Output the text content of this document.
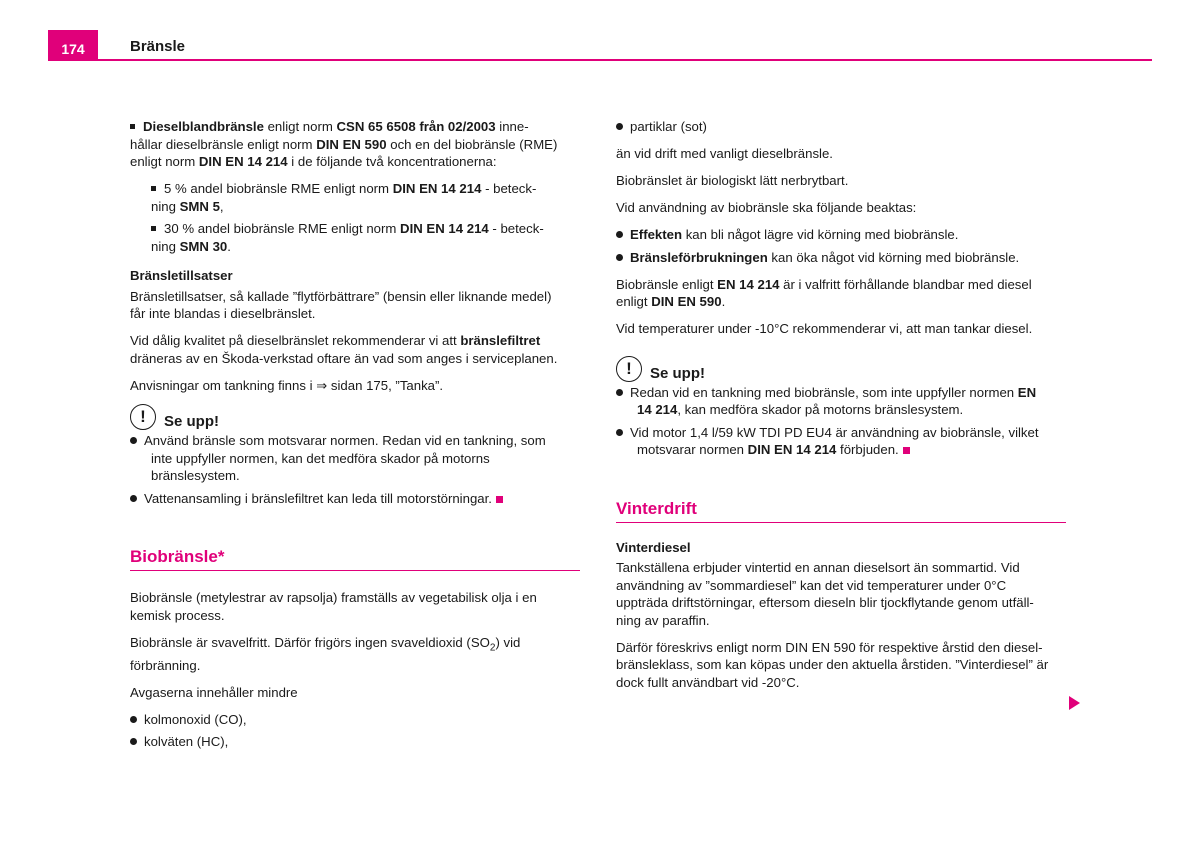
174	Bränsle

Dieselblandbränsle enligt norm CSN 65 6508 från 02/2003 inne-
hållar dieselbränsle enligt norm DIN EN 590 och en del biobränsle (RME)
enligt norm DIN EN 14 214 i de följande två koncentrationerna:

5 % andel biobränsle RME enligt norm DIN EN 14 214 - beteck-
ning SMN 5,

30 % andel biobränsle RME enligt norm DIN EN 14 214 - beteck-
ning SMN 30.

Bränsletillsatser

Bränsletillsatser, så kallade ”flytförbättrare” (bensin eller liknande medel)
får inte blandas i dieselbränslet.

Vid dålig kvalitet på dieselbränslet rekommenderar vi att bränslefiltret
dräneras av en Škoda-verkstad oftare än vad som anges i serviceplanen.

Anvisningar om tankning finns i ⇒ sidan 175, ”Tanka”.

!	Se upp!

Använd bränsle som motsvarar normen. Redan vid en tankning, som
inte uppfyller normen, kan det medföra skador på motorns bränslesystem.

Vattenansamling i bränslefiltret kan leda till motorstörningar.

Biobränsle*

Biobränsle (metylestrar av rapsolja) framställs av vegetabilisk olja i en
kemisk process.

Biobränsle är svavelfritt. Därför frigörs ingen svaveldioxid $(SO_2)$ vid
förbränning.

Avgaserna innehåller mindre

kolmonoxid (CO),

kolväten (HC),

partiklar (sot)

än vid drift med vanligt dieselbränsle.

Biobränslet är biologiskt lätt nerbrytbart.

Vid användning av biobränsle ska följande beaktas:

Effekten kan bli något lägre vid körning med biobränsle.

Bränsleförbrukningen kan öka något vid körning med biobränsle.

Biobränsle enligt EN 14 214 är i valfritt förhållande blandbar med diesel
enligt DIN EN 590.

Vid temperaturer under -10°C rekommenderar vi, att man tankar diesel.

!	Se upp!

Redan vid en tankning med biobränsle, som inte uppfyller normen EN
14 214, kan medföra skador på motorns bränslesystem.

Vid motor 1,4 l/59 kW TDI PD EU4 är användning av biobränsle, vilket
motsvarar normen DIN EN 14 214 förbjuden.

Vinterdrift

Vinterdiesel

Tankställena erbjuder vintertid en annan dieselsort än sommartid. Vid
användning av ”sommardiesel” kan det vid temperaturer under 0°C
uppträda driftstörningar, eftersom dieseln blir tjockflytande genom utfäll-
ning av paraffin.

Därför föreskrivs enligt norm DIN EN 590 för respektive årstid den diesel-
bränsleklass, som kan köpas under den aktuella årstiden. ”Vinterdiesel” är
dock fullt användbart vid -20°C.
